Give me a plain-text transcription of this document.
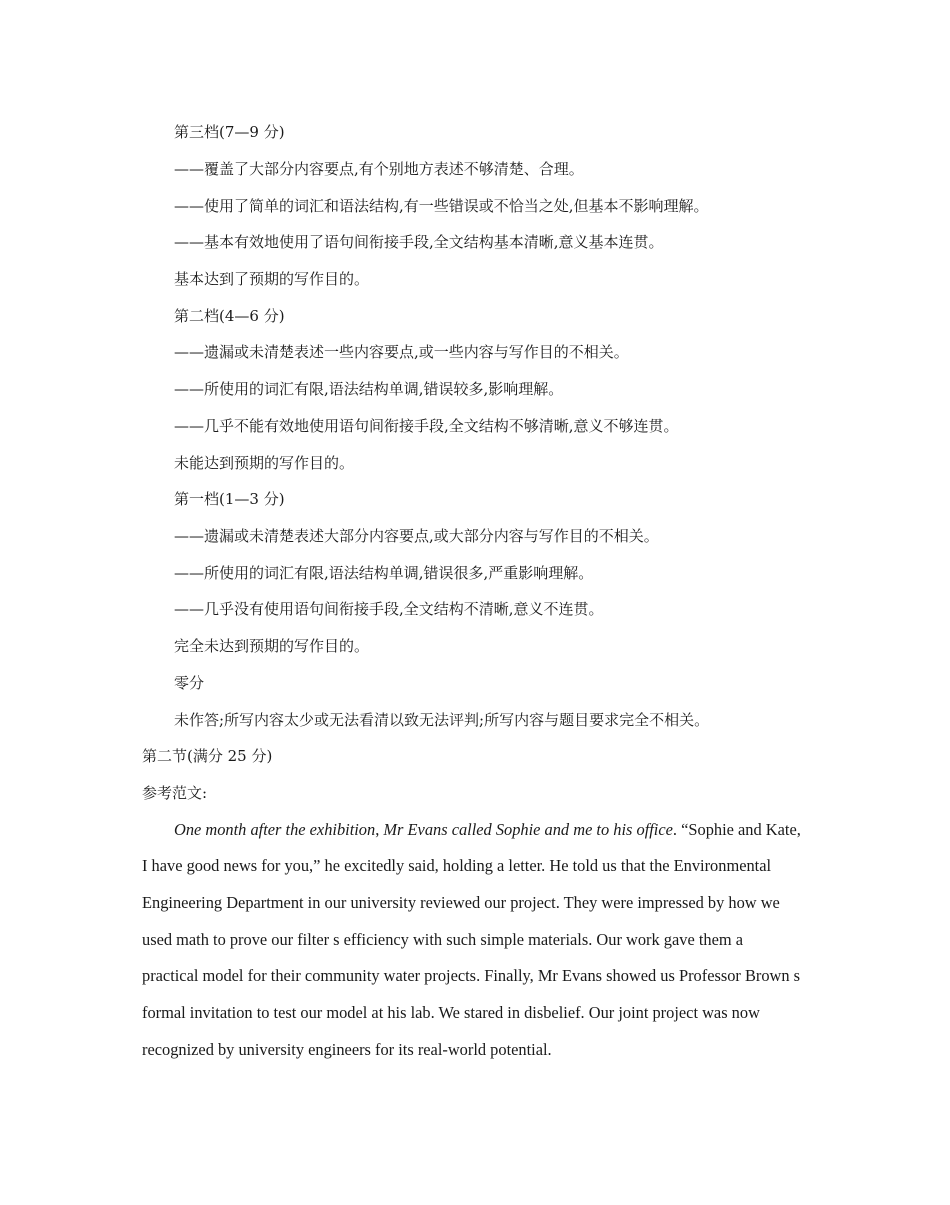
第三档(7—9 分)
——覆盖了大部分内容要点,有个别地方表述不够清楚、合理。
——使用了简单的词汇和语法结构,有一些错误或不恰当之处,但基本不影响理解。
——基本有效地使用了语句间衔接手段,全文结构基本清晰,意义基本连贯。
基本达到了预期的写作目的。
第二档(4—6 分)
——遗漏或未清楚表述一些内容要点,或一些内容与写作目的不相关。
——所使用的词汇有限,语法结构单调,错误较多,影响理解。
——几乎不能有效地使用语句间衔接手段,全文结构不够清晰,意义不够连贯。
未能达到预期的写作目的。
第一档(1—3 分)
——遗漏或未清楚表述大部分内容要点,或大部分内容与写作目的不相关。
——所使用的词汇有限,语法结构单调,错误很多,严重影响理解。
——几乎没有使用语句间衔接手段,全文结构不清晰,意义不连贯。
完全未达到预期的写作目的。
零分
未作答;所写内容太少或无法看清以致无法评判;所写内容与题目要求完全不相关。
第二节(满分 25 分)
参考范文:
One month after the exhibition, Mr Evans called Sophie and me to his office. “Sophie and Kate,
I have good news for you,” he excitedly said, holding a letter. He told us that the Environmental
Engineering Department in our university reviewed our project. They were impressed by how we
used math to prove our filter s efficiency with such simple materials. Our work gave them a
practical model for their community water projects. Finally, Mr Evans showed us Professor Brown s
formal invitation to test our model at his lab. We stared in disbelief. Our joint project was now
recognized by university engineers for its real-world potential.
